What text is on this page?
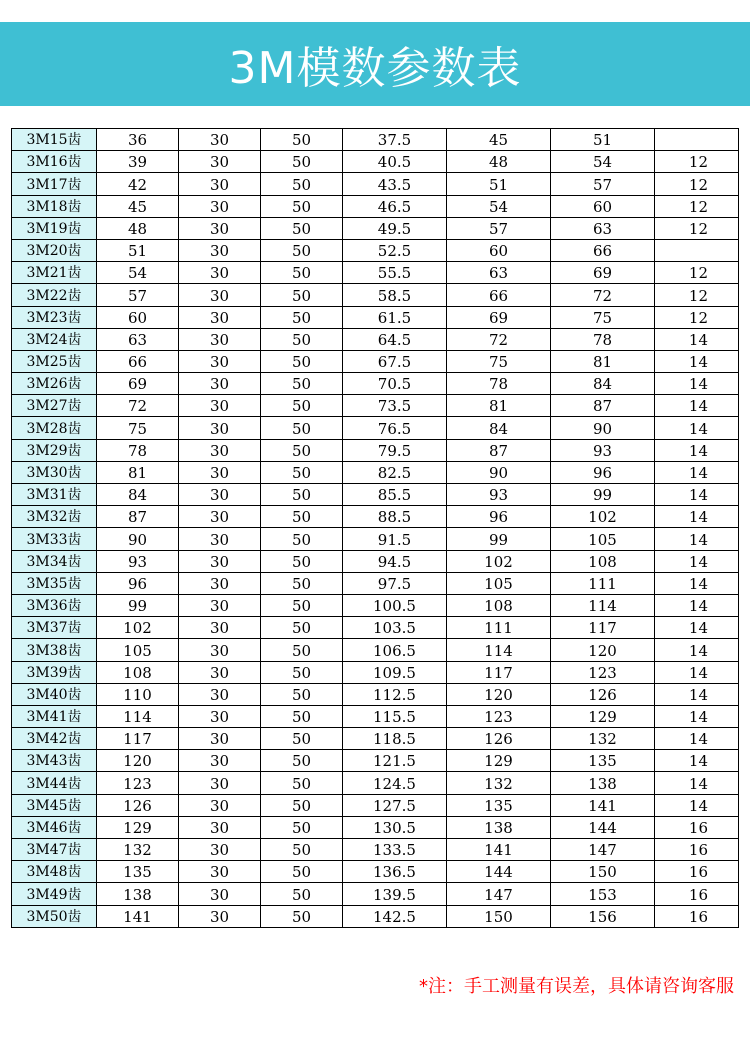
3M模数参数表
3M15齿	36	30	50	37.5	45	51	
3M16齿	39	30	50	40.5	48	54	12
3M17齿	42	30	50	43.5	51	57	12
3M18齿	45	30	50	46.5	54	60	12
3M19齿	48	30	50	49.5	57	63	12
3M20齿	51	30	50	52.5	60	66	
3M21齿	54	30	50	55.5	63	69	12
3M22齿	57	30	50	58.5	66	72	12
3M23齿	60	30	50	61.5	69	75	12
3M24齿	63	30	50	64.5	72	78	14
3M25齿	66	30	50	67.5	75	81	14
3M26齿	69	30	50	70.5	78	84	14
3M27齿	72	30	50	73.5	81	87	14
3M28齿	75	30	50	76.5	84	90	14
3M29齿	78	30	50	79.5	87	93	14
3M30齿	81	30	50	82.5	90	96	14
3M31齿	84	30	50	85.5	93	99	14
3M32齿	87	30	50	88.5	96	102	14
3M33齿	90	30	50	91.5	99	105	14
3M34齿	93	30	50	94.5	102	108	14
3M35齿	96	30	50	97.5	105	111	14
3M36齿	99	30	50	100.5	108	114	14
3M37齿	102	30	50	103.5	111	117	14
3M38齿	105	30	50	106.5	114	120	14
3M39齿	108	30	50	109.5	117	123	14
3M40齿	110	30	50	112.5	120	126	14
3M41齿	114	30	50	115.5	123	129	14
3M42齿	117	30	50	118.5	126	132	14
3M43齿	120	30	50	121.5	129	135	14
3M44齿	123	30	50	124.5	132	138	14
3M45齿	126	30	50	127.5	135	141	14
3M46齿	129	30	50	130.5	138	144	16
3M47齿	132	30	50	133.5	141	147	16
3M48齿	135	30	50	136.5	144	150	16
3M49齿	138	30	50	139.5	147	153	16
3M50齿	141	30	50	142.5	150	156	16
*注：手工测量有误差，具体请咨询客服
